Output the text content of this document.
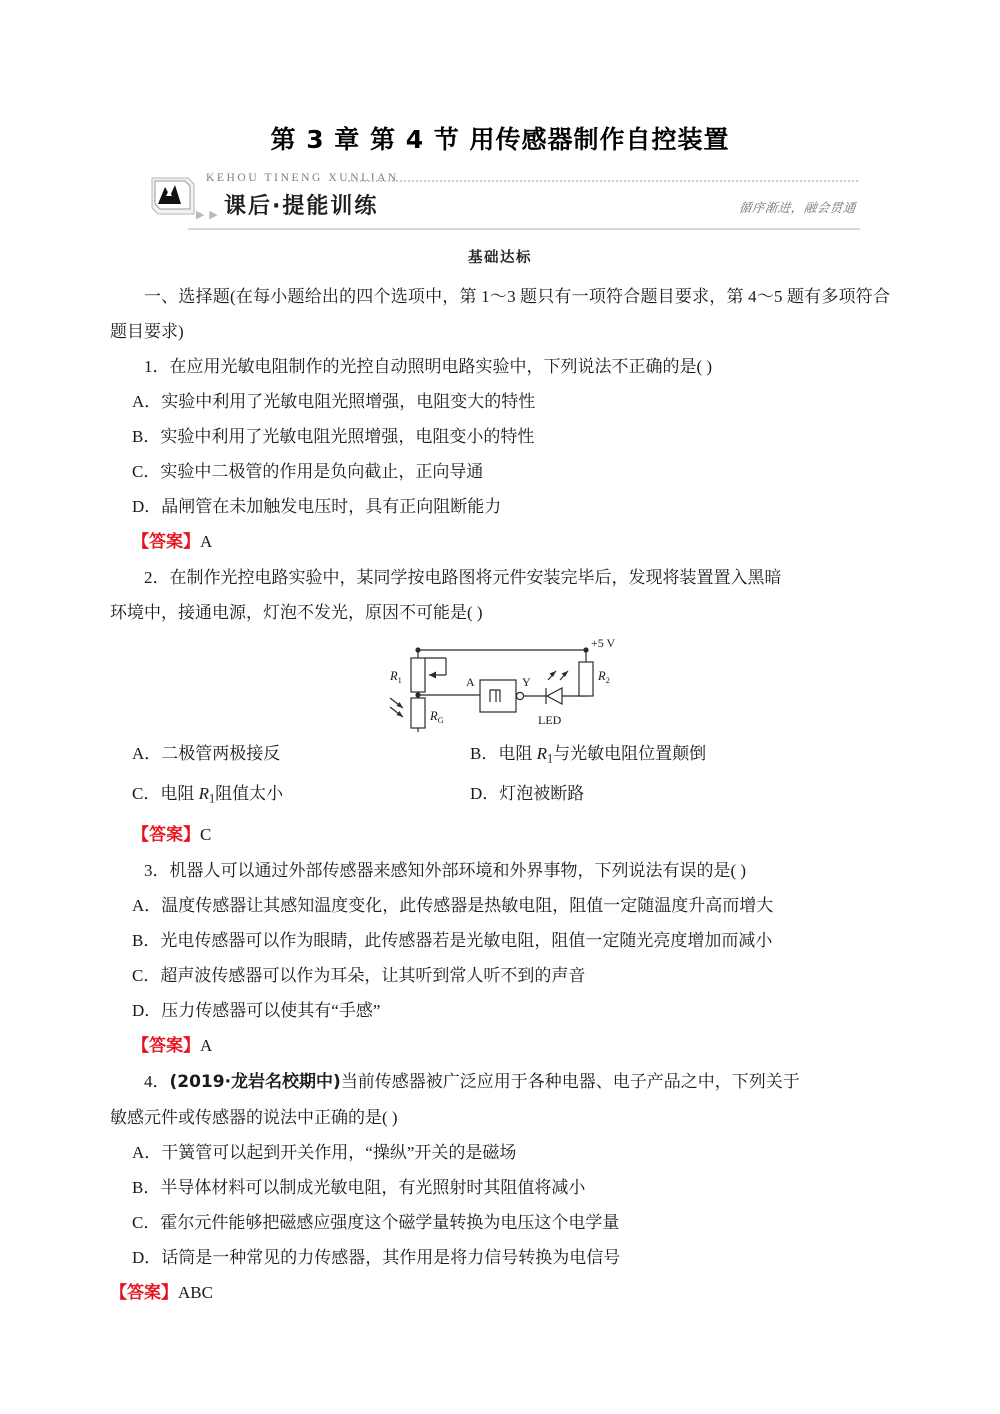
第 3 章 第 4 节 用传感器制作自控装置
KEHOU TINENG XUNLIAN
▶ ▶ 课后·提能训练	循序渐进，融会贯通
基础达标

一、选择题(在每小题给出的四个选项中，第 1～3 题只有一项符合题目要求，第 4～5 题有多项符合题目要求)

1．在应用光敏电阻制作的光控自动照明电路实验中，下列说法不正确的是( )

A．实验中利用了光敏电阻光照增强，电阻变大的特性

B．实验中利用了光敏电阻光照增强，电阻变小的特性

C．实验中二极管的作用是负向截止，正向导通

D．晶闸管在未加触发电压时，具有正向阻断能力

【答案】A

2．在制作光控电路实验中，某同学按电路图将元件安装完毕后，发现将装置置入黑暗

环境中，接通电源，灯泡不发光，原因不可能是( )

+5 V
$R_1$
$R_G$
$R_2$
A	Y
LED
A．二极管两极接反	B．电阻 $R_1$与光敏电阻位置颠倒
C．电阻 $R_1$阻值太小	D．灯泡被断路

【答案】C

3．机器人可以通过外部传感器来感知外部环境和外界事物，下列说法有误的是( )

A．温度传感器让其感知温度变化，此传感器是热敏电阻，阻值一定随温度升高而增大

B．光电传感器可以作为眼睛，此传感器若是光敏电阻，阻值一定随光亮度增加而减小

C．超声波传感器可以作为耳朵，让其听到常人听不到的声音

D．压力传感器可以使其有“手感”

【答案】A

4．(2019·龙岩名校期中)当前传感器被广泛应用于各种电器、电子产品之中，下列关于

敏感元件或传感器的说法中正确的是( )

A．干簧管可以起到开关作用，“操纵”开关的是磁场

B．半导体材料可以制成光敏电阻，有光照射时其阻值将减小

C．霍尔元件能够把磁感应强度这个磁学量转换为电压这个电学量

D．话筒是一种常见的力传感器，其作用是将力信号转换为电信号

【答案】ABC
